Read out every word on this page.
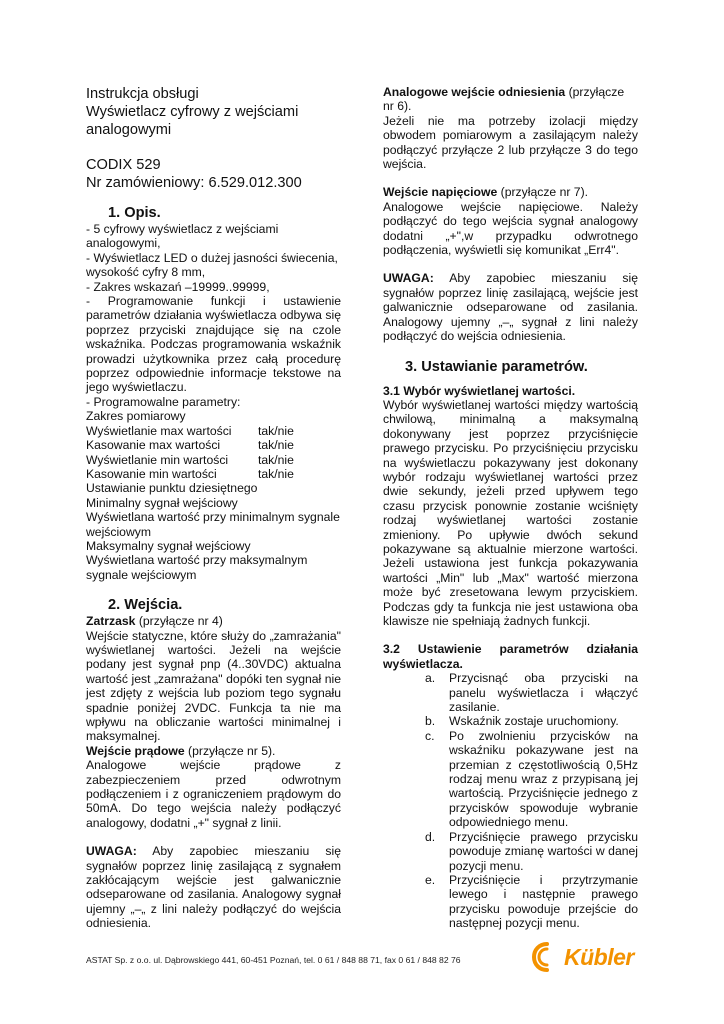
Instrukcja obsługi
Wyświetlacz cyfrowy z wejściami
analogowymi
CODIX 529
Nr zamówieniowy: 6.529.012.300
1. Opis.

- 5 cyfrowy wyświetlacz z wejściami analogowymi,

- Wyświetlacz LED o dużej jasności świecenia, wysokość cyfry 8 mm,

- Zakres wskazań –19999..99999,

- Programowanie funkcji i ustawienie parametrów działania wyświetlacza odbywa się poprzez przyciski znajdujące się na czole wskaźnika. Podczas programowania wskaźnik prowadzi użytkownika przez całą procedurę poprzez odpowiednie informacje tekstowe na jego wyświetlaczu.

- Programowalne parametry:

Zakres pomiarowy

Wyświetlanie max wartości	tak/nie
Kasowanie max wartości	tak/nie
Wyświetlanie min wartości	tak/nie
Kasowanie min wartości	tak/nie

Ustawianie punktu dziesiętnego

Minimalny sygnał wejściowy

Wyświetlana wartość przy minimalnym sygnale wejściowym

Maksymalny sygnał wejściowy

Wyświetlana wartość przy maksymalnym sygnale wejściowym

2. Wejścia.

Zatrzask (przyłącze nr 4)

Wejście statyczne, które służy do „zamrażania" wyświetlanej wartości. Jeżeli na wejście podany jest sygnał pnp (4..30VDC) aktualna wartość jest „zamrażana" dopóki ten sygnał nie jest zdjęty z wejścia lub poziom tego sygnału spadnie poniżej 2VDC. Funkcja ta nie ma wpływu na obliczanie wartości minimalnej i maksymalnej.

Wejście prądowe (przyłącze nr 5).

Analogowe wejście prądowe z zabezpieczeniem przed odwrotnym podłączeniem i z ograniczeniem prądowym do 50mA. Do tego wejścia należy podłączyć analogowy, dodatni „+" sygnał z linii.

UWAGA: Aby zapobiec mieszaniu się sygnałów poprzez linię zasilającą z sygnałem zakłócającym wejście jest galwanicznie odseparowane od zasilania. Analogowy sygnał ujemny „–„ z lini należy podłączyć do wejścia odniesienia.

Analogowe wejście odniesienia (przyłącze nr 6).

Jeżeli nie ma potrzeby izolacji między obwodem pomiarowym a zasilającym należy podłączyć przyłącze 2 lub przyłącze 3 do tego wejścia.

Wejście napięciowe (przyłącze nr 7).

Analogowe wejście napięciowe. Należy podłączyć do tego wejścia sygnał analogowy dodatni „+",w przypadku odwrotnego podłączenia, wyświetli się komunikat „Err4".

UWAGA: Aby zapobiec mieszaniu się sygnałów poprzez linię zasilającą, wejście jest galwanicznie odseparowane od zasilania. Analogowy ujemny „–„ sygnał z lini należy podłączyć do wejścia odniesienia.

3. Ustawianie parametrów.

3.1 Wybór wyświetlanej wartości.

Wybór wyświetlanej wartości między wartością chwilową, minimalną a maksymalną dokonywany jest poprzez przyciśnięcie prawego przycisku. Po przyciśnięciu przycisku na wyświetlaczu pokazywany jest dokonany wybór rodzaju wyświetlanej wartości przez dwie sekundy, jeżeli przed upływem tego czasu przycisk ponownie zostanie wciśnięty rodzaj wyświetlanej wartości zostanie zmieniony. Po upływie dwóch sekund pokazywane są aktualnie mierzone wartości. Jeżeli ustawiona jest funkcja pokazywania wartości „Min" lub „Max" wartość mierzona może być zresetowana lewym przyciskiem. Podczas gdy ta funkcja nie jest ustawiona oba klawisze nie spełniają żadnych funkcji.

3.2 Ustawienie parametrów działania wyświetlacza.

a.	Przycisnąć oba przyciski na panelu wyświetlacza i włączyć zasilanie.
b.	Wskaźnik zostaje uruchomiony.
c.	Po zwolnieniu przycisków na wskaźniku pokazywane jest na przemian z częstotliwością 0,5Hz rodzaj menu wraz z przypisaną jej wartością. Przyciśnięcie jednego z przycisków spowoduje wybranie odpowiedniego menu.
d.	Przyciśnięcie prawego przycisku powoduje zmianę wartości w danej pozycji menu.
e.	Przyciśnięcie i przytrzymanie lewego i następnie prawego przycisku powoduje przejście do następnej pozycji menu.
ASTAT Sp. z o.o. ul. Dąbrowskiego 441, 60-451 Poznań, tel. 0 61 / 848 88 71, fax 0 61 / 848 82 76	Kübler
